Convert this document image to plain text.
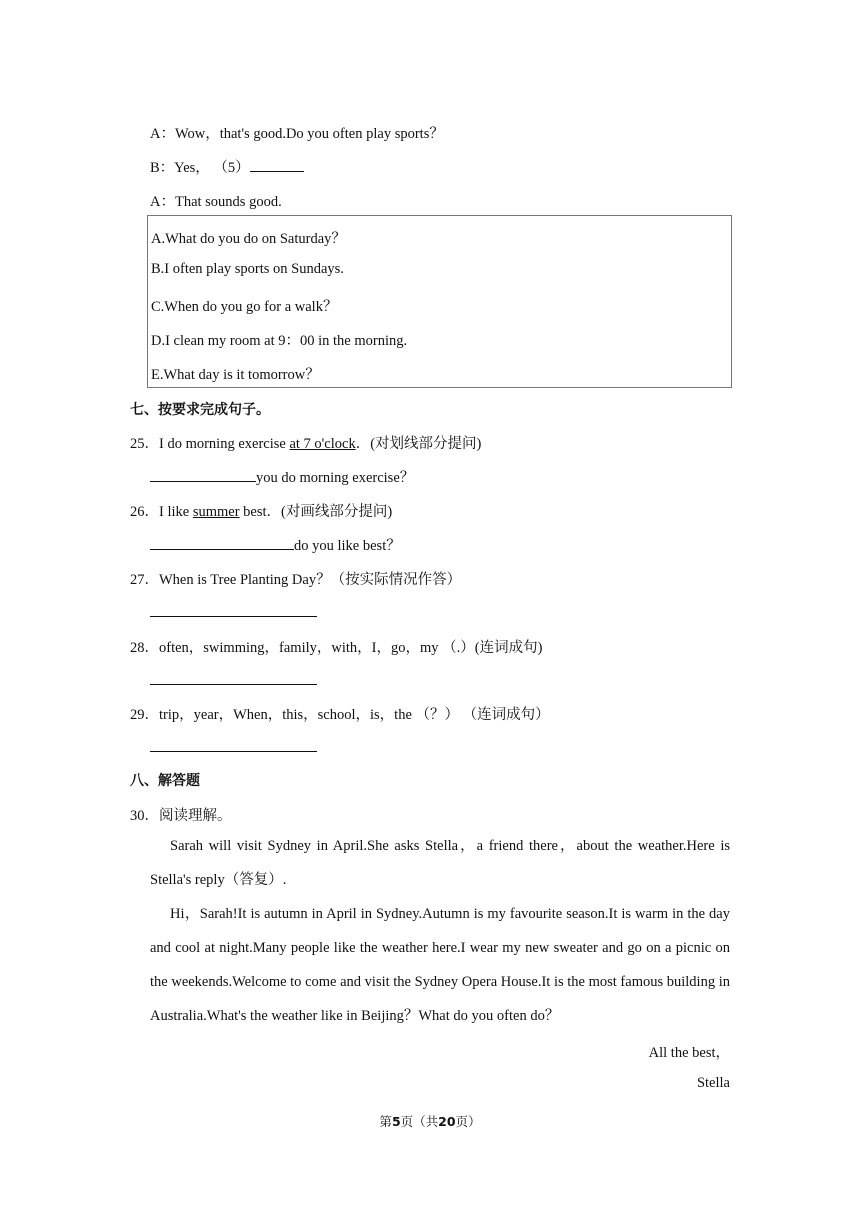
A：Wow，that's good.Do you often play sports？
B：Yes， （5）
A：That sounds good.
A.What do you do on Saturday？
B.I often play sports on Sundays.
C.When do you go for a walk？
D.I clean my room at 9：00 in the morning.
E.What day is it tomorrow？
七、按要求完成句子。
25．I do morning exercise at 7 o'clock．(对划线部分提问)
you do morning exercise？
26．I like summer best．(对画线部分提问)
do you like best？
27．When is Tree Planting Day？（按实际情况作答）
28．often，swimming，family，with，I，go，my （.）(连词成句)
29．trip，year，When，this，school，is，the （？） （连词成句）
八、解答题
30．阅读理解。

Sarah will visit Sydney in April.She asks Stella，a friend there，about the weather.Here is Stella's reply（答复）.

Hi，Sarah!It is autumn in April in Sydney.Autumn is my favourite season.It is warm in the day and cool at night.Many people like the weather here.I wear my new sweater and go on a picnic on the weekends.Welcome to come and visit the Sydney Opera House.It is the most famous building in Australia.What's the weather like in Beijing？What do you often do？

All the best，
Stella
第5页（共20页）
